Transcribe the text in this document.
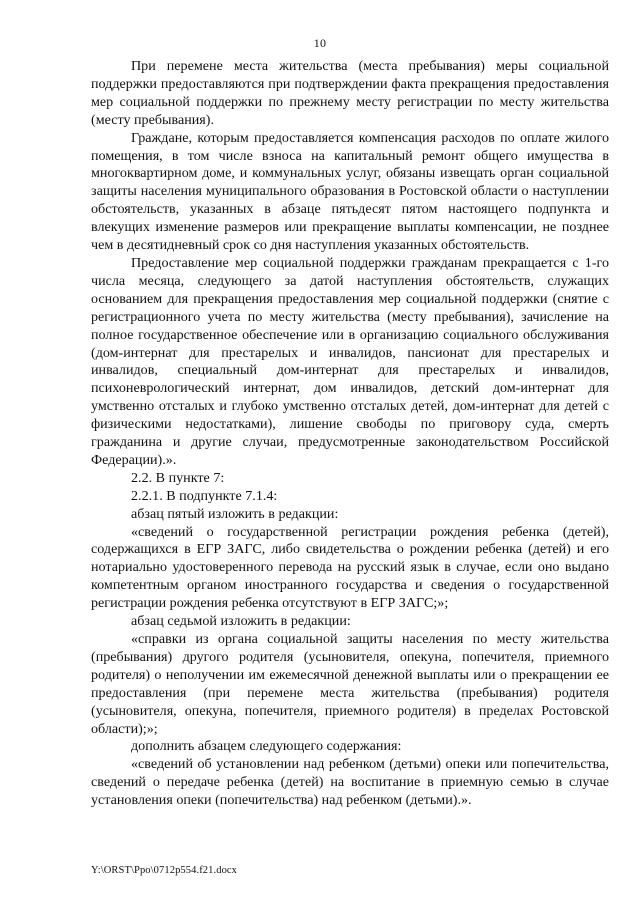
10

При перемене места жительства (места пребывания) меры социальной поддержки предоставляются при подтверждении факта прекращения предоставления мер социальной поддержки по прежнему месту регистрации по месту жительства (месту пребывания).

Граждане, которым предоставляется компенсация расходов по оплате жилого помещения, в том числе взноса на капитальный ремонт общего имущества в многоквартирном доме, и коммунальных услуг, обязаны извещать орган социальной защиты населения муниципального образования в Ростовской области о наступлении обстоятельств, указанных в абзаце пятьдесят пятом настоящего подпункта и влекущих изменение размеров или прекращение выплаты компенсации, не позднее чем в десятидневный срок со дня наступления указанных обстоятельств.

Предоставление мер социальной поддержки гражданам прекращается с 1-го числа месяца, следующего за датой наступления обстоятельств, служащих основанием для прекращения предоставления мер социальной поддержки (снятие с регистрационного учета по месту жительства (месту пребывания), зачисление на полное государственное обеспечение или в организацию социального обслуживания (дом-интернат для престарелых и инвалидов, пансионат для престарелых и инвалидов, специальный дом-интернат для престарелых и инвалидов, психоневрологический интернат, дом инвалидов, детский дом-интернат для умственно отсталых и глубоко умственно отсталых детей, дом-интернат для детей с физическими недостатками), лишение свободы по приговору суда, смерть гражданина и другие случаи, предусмотренные законодательством Российской Федерации).».

2.2. В пункте 7:

2.2.1. В подпункте 7.1.4:

абзац пятый изложить в редакции:

«сведений о государственной регистрации рождения ребенка (детей), содержащихся в ЕГР ЗАГС, либо свидетельства о рождении ребенка (детей) и его нотариально удостоверенного перевода на русский язык в случае, если оно выдано компетентным органом иностранного государства и сведения о государственной регистрации рождения ребенка отсутствуют в ЕГР ЗАГС;»;

абзац седьмой изложить в редакции:

«справки из органа социальной защиты населения по месту жительства (пребывания) другого родителя (усыновителя, опекуна, попечителя, приемного родителя) о неполучении им ежемесячной денежной выплаты или о прекращении ее предоставления (при перемене места жительства (пребывания) родителя (усыновителя, опекуна, попечителя, приемного родителя) в пределах Ростовской области);»;

дополнить абзацем следующего содержания:

«сведений об установлении над ребенком (детьми) опеки или попечительства, сведений о передаче ребенка (детей) на воспитание в приемную семью в случае установления опеки (попечительства) над ребенком (детьми).».

Y:\ORST\Ppo\0712p554.f21.docx
